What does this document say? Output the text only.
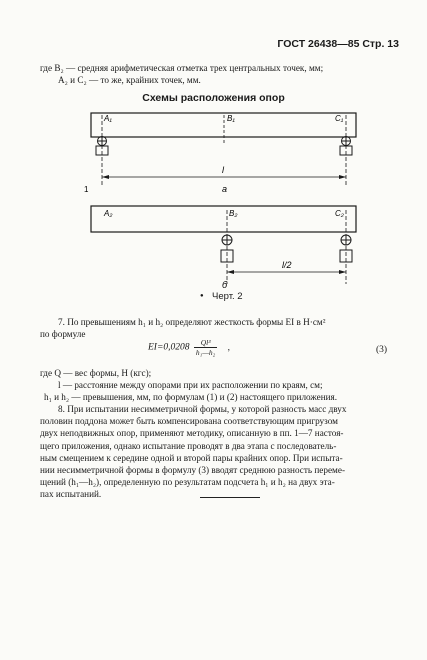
ГОСТ 26438—85 Стр. 13
где B₂ — средняя арифметическая отметка трех центральных точек, мм;
A₂ и C₂ — то же, крайних точек, мм.
Схемы расположения опор
A₁	B₁	C₁
l
а
1
A₂	B₂	C₂
l/2
б
● Черт. 2
7. По превышениям h₁ и h₂ определяют жесткость формы EI в Н·см²
по формуле
$EI=0,0208 \frac{\text{Ql³}}{\text{h₁—h₂}}$ ,	(3)
где Q — вес формы, Н (кгс);
l — расстояние между опорами при их расположении по краям, см;
h₁ и h₂ — превышения, мм, по формулам (1) и (2) настоящего приложения.
8. При испытании несимметричной формы, у которой разность масс двух
половин поддона может быть компенсирована соответствующим пригрузом
двух неподвижных опор, применяют методику, описанную в пп. 1—7 настоя-
щего приложения, однако испытание проводят в два этапа с последователь-
ным смещением к середине одной и второй пары крайних опор. При испыта-
нии несимметричной формы в формулу (3) вводят среднюю разность переме-
щений (h₁—h₂), определенную по результатам подсчета h₁ и h₂ на двух эта-
пах испытаний.
